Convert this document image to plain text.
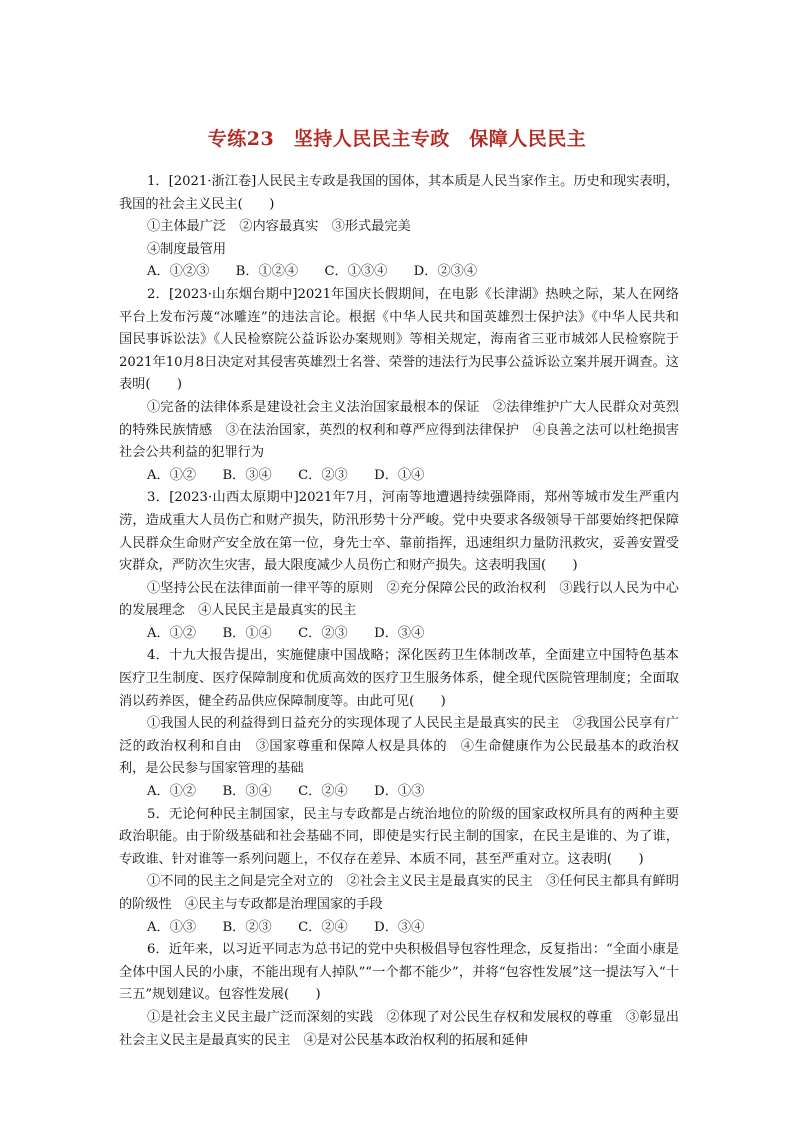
专练23　坚持人民民主专政　保障人民民主

1．[2021·浙江卷]人民民主专政是我国的国体，其本质是人民当家作主。历史和现实表明，我国的社会主义民主(　　)

①主体最广泛　②内容最真实　③形式最完美

④制度最管用

A．①②③　　B．①②④　　C．①③④　　D．②③④

2．[2023·山东烟台期中]2021年国庆长假期间，在电影《长津湖》热映之际，某人在网络平台上发布污蔑“冰雕连”的违法言论。根据《中华人民共和国英雄烈士保护法》《中华人民共和国民事诉讼法》《人民检察院公益诉讼办案规则》等相关规定，海南省三亚市城郊人民检察院于2021年10月8日决定对其侵害英雄烈士名誉、荣誉的违法行为民事公益诉讼立案并展开调查。这表明(　　)

①完备的法律体系是建设社会主义法治国家最根本的保证　②法律维护广大人民群众对英烈的特殊民族情感　③在法治国家，英烈的权利和尊严应得到法律保护　④良善之法可以杜绝损害社会公共利益的犯罪行为

A．①②　　B．③④　　C．②③　　D．①④

3．[2023·山西太原期中]2021年7月，河南等地遭遇持续强降雨，郑州等城市发生严重内涝，造成重大人员伤亡和财产损失，防汛形势十分严峻。党中央要求各级领导干部要始终把保障人民群众生命财产安全放在第一位，身先士卒、靠前指挥，迅速组织力量防汛救灾，妥善安置受灾群众，严防次生灾害，最大限度减少人员伤亡和财产损失。这表明我国(　　)

①坚持公民在法律面前一律平等的原则　②充分保障公民的政治权利　③践行以人民为中心的发展理念　④人民民主是最真实的民主

A．①②　　B．①④　　C．②③　　D．③④

4．十九大报告提出，实施健康中国战略；深化医药卫生体制改革，全面建立中国特色基本医疗卫生制度、医疗保障制度和优质高效的医疗卫生服务体系，健全现代医院管理制度；全面取消以药养医，健全药品供应保障制度等。由此可见(　　)

①我国人民的利益得到日益充分的实现体现了人民民主是最真实的民主　②我国公民享有广泛的政治权利和自由　③国家尊重和保障人权是具体的　④生命健康作为公民最基本的政治权利，是公民参与国家管理的基础

A．①②　　B．③④　　C．②④　　D．①③

5．无论何种民主制国家，民主与专政都是占统治地位的阶级的国家政权所具有的两种主要政治职能。由于阶级基础和社会基础不同，即使是实行民主制的国家，在民主是谁的、为了谁，专政谁、针对谁等一系列问题上，不仅存在差异、本质不同，甚至严重对立。这表明(　　)

①不同的民主之间是完全对立的　②社会主义民主是最真实的民主　③任何民主都具有鲜明的阶级性　④民主与专政都是治理国家的手段

A．①③　　B．②③　　C．②④　　D．③④

6．近年来，以习近平同志为总书记的党中央积极倡导包容性理念，反复指出：“全面小康是全体中国人民的小康，不能出现有人掉队”“一个都不能少”，并将“包容性发展”这一提法写入“十三五”规划建议。包容性发展(　　)

①是社会主义民主最广泛而深刻的实践　②体现了对公民生存权和发展权的尊重　③彰显出社会主义民主是最真实的民主　④是对公民基本政治权利的拓展和延伸
